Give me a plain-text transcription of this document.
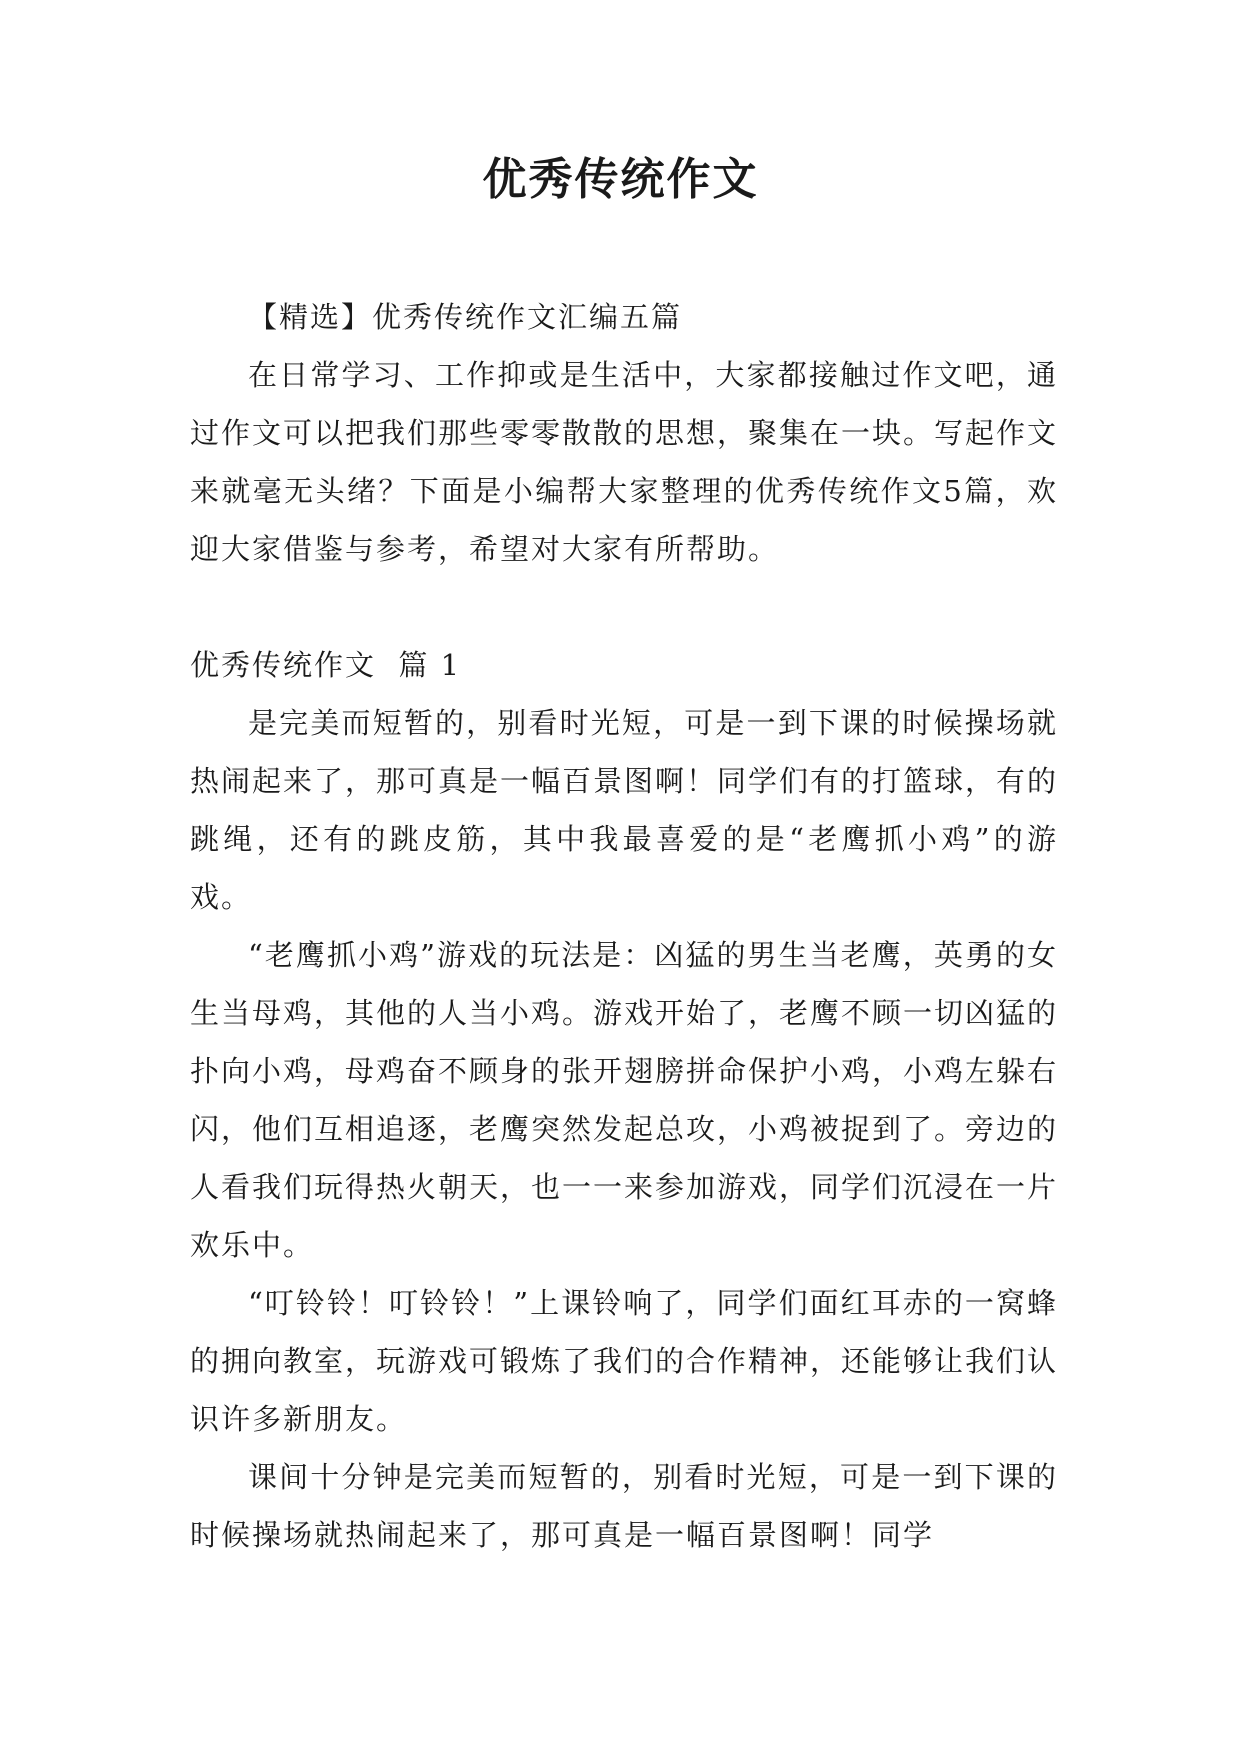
优秀传统作文

【精选】优秀传统作文汇编五篇

在日常学习、工作抑或是生活中，大家都接触过作文吧，通过作文可以把我们那些零零散散的思想，聚集在一块。写起作文来就毫无头绪？下面是小编帮大家整理的优秀传统作文5篇，欢迎大家借鉴与参考，希望对大家有所帮助。

优秀传统作文  篇 1

是完美而短暂的，别看时光短，可是一到下课的时候操场就热闹起来了，那可真是一幅百景图啊！同学们有的打篮球，有的跳绳，还有的跳皮筋，其中我最喜爱的是“老鹰抓小鸡”的游戏。

“老鹰抓小鸡”游戏的玩法是：凶猛的男生当老鹰，英勇的女生当母鸡，其他的人当小鸡。游戏开始了，老鹰不顾一切凶猛的扑向小鸡，母鸡奋不顾身的张开翅膀拼命保护小鸡，小鸡左躲右闪，他们互相追逐，老鹰突然发起总攻，小鸡被捉到了。旁边的人看我们玩得热火朝天，也一一来参加游戏，同学们沉浸在一片欢乐中。

“叮铃铃！叮铃铃！”上课铃响了，同学们面红耳赤的一窝蜂的拥向教室，玩游戏可锻炼了我们的合作精神，还能够让我们认识许多新朋友。

课间十分钟是完美而短暂的，别看时光短，可是一到下课的时候操场就热闹起来了，那可真是一幅百景图啊！同学
